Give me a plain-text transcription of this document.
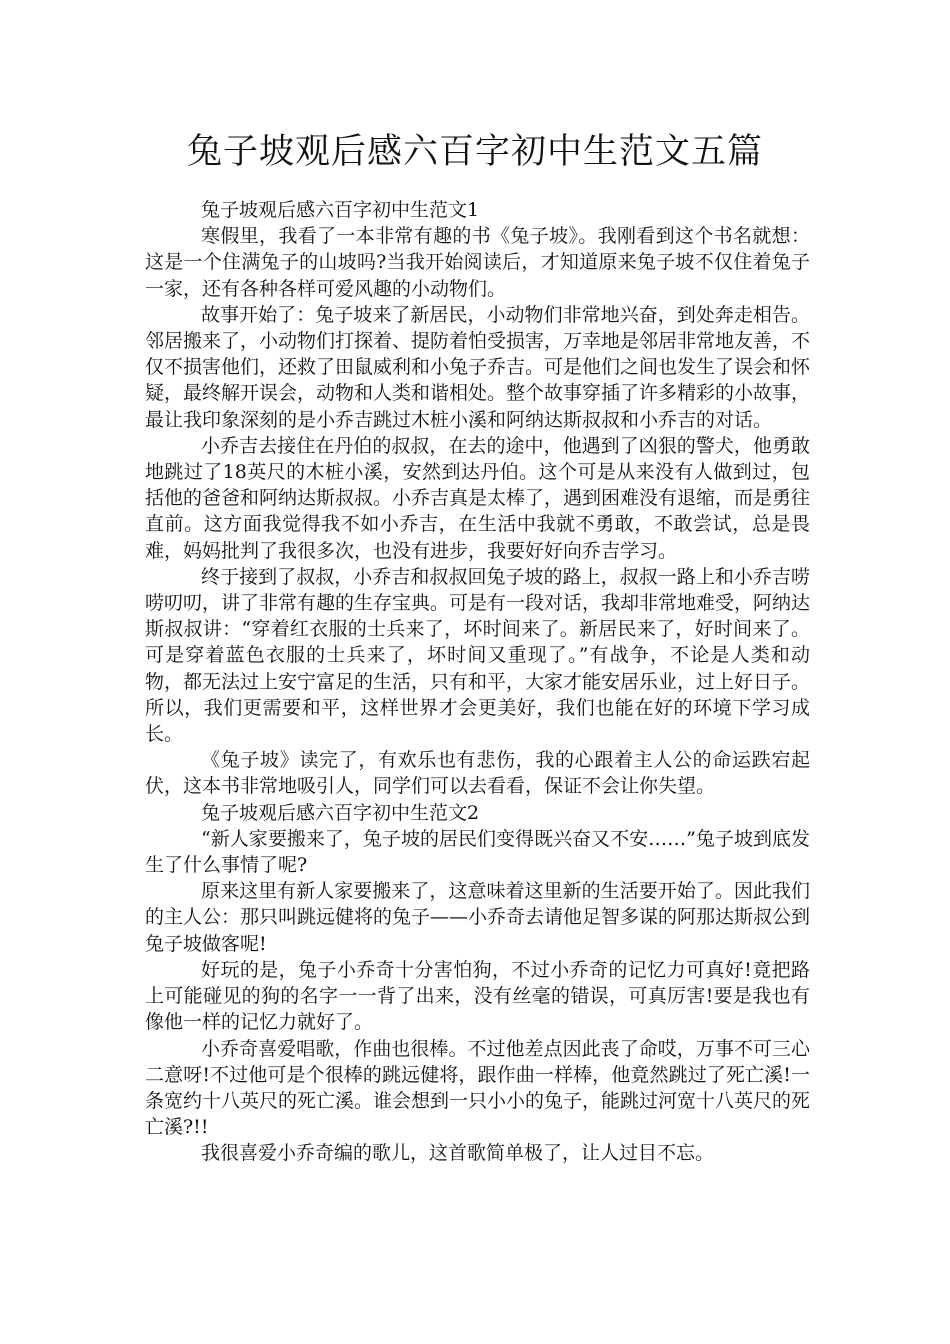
兔子坡观后感六百字初中生范文五篇

兔子坡观后感六百字初中生范文1

寒假里，我看了一本非常有趣的书《兔子坡》。我刚看到这个书名就想：这是一个住满兔子的山坡吗?当我开始阅读后，才知道原来兔子坡不仅住着兔子一家，还有各种各样可爱风趣的小动物们。

故事开始了：兔子坡来了新居民，小动物们非常地兴奋，到处奔走相告。邻居搬来了，小动物们打探着、提防着怕受损害，万幸地是邻居非常地友善，不仅不损害他们，还救了田鼠威利和小兔子乔吉。可是他们之间也发生了误会和怀疑，最终解开误会，动物和人类和谐相处。整个故事穿插了许多精彩的小故事，最让我印象深刻的是小乔吉跳过木桩小溪和阿纳达斯叔叔和小乔吉的对话。

小乔吉去接住在丹伯的叔叔，在去的途中，他遇到了凶狠的警犬，他勇敢地跳过了18英尺的木桩小溪，安然到达丹伯。这个可是从来没有人做到过，包括他的爸爸和阿纳达斯叔叔。小乔吉真是太棒了，遇到困难没有退缩，而是勇往直前。这方面我觉得我不如小乔吉，在生活中我就不勇敢，不敢尝试，总是畏难，妈妈批判了我很多次，也没有进步，我要好好向乔吉学习。

终于接到了叔叔，小乔吉和叔叔回兔子坡的路上，叔叔一路上和小乔吉唠唠叨叨，讲了非常有趣的生存宝典。可是有一段对话，我却非常地难受，阿纳达斯叔叔讲：“穿着红衣服的士兵来了，坏时间来了。新居民来了，好时间来了。可是穿着蓝色衣服的士兵来了，坏时间又重现了。”有战争，不论是人类和动物，都无法过上安宁富足的生活，只有和平，大家才能安居乐业，过上好日子。所以，我们更需要和平，这样世界才会更美好，我们也能在好的环境下学习成长。

《兔子坡》读完了，有欢乐也有悲伤，我的心跟着主人公的命运跌宕起伏，这本书非常地吸引人，同学们可以去看看，保证不会让你失望。

兔子坡观后感六百字初中生范文2

“新人家要搬来了，兔子坡的居民们变得既兴奋又不安……”兔子坡到底发生了什么事情了呢?

原来这里有新人家要搬来了，这意味着这里新的生活要开始了。因此我们的主人公：那只叫跳远健将的兔子——小乔奇去请他足智多谋的阿那达斯叔公到兔子坡做客呢!

好玩的是，兔子小乔奇十分害怕狗，不过小乔奇的记忆力可真好!竟把路上可能碰见的狗的名字一一背了出来，没有丝毫的错误，可真厉害!要是我也有像他一样的记忆力就好了。

小乔奇喜爱唱歌，作曲也很棒。不过他差点因此丧了命哎，万事不可三心二意呀!不过他可是个很棒的跳远健将，跟作曲一样棒，他竟然跳过了死亡溪!一条宽约十八英尺的死亡溪。谁会想到一只小小的兔子，能跳过河宽十八英尺的死亡溪?!!

我很喜爱小乔奇编的歌儿，这首歌简单极了，让人过目不忘。
